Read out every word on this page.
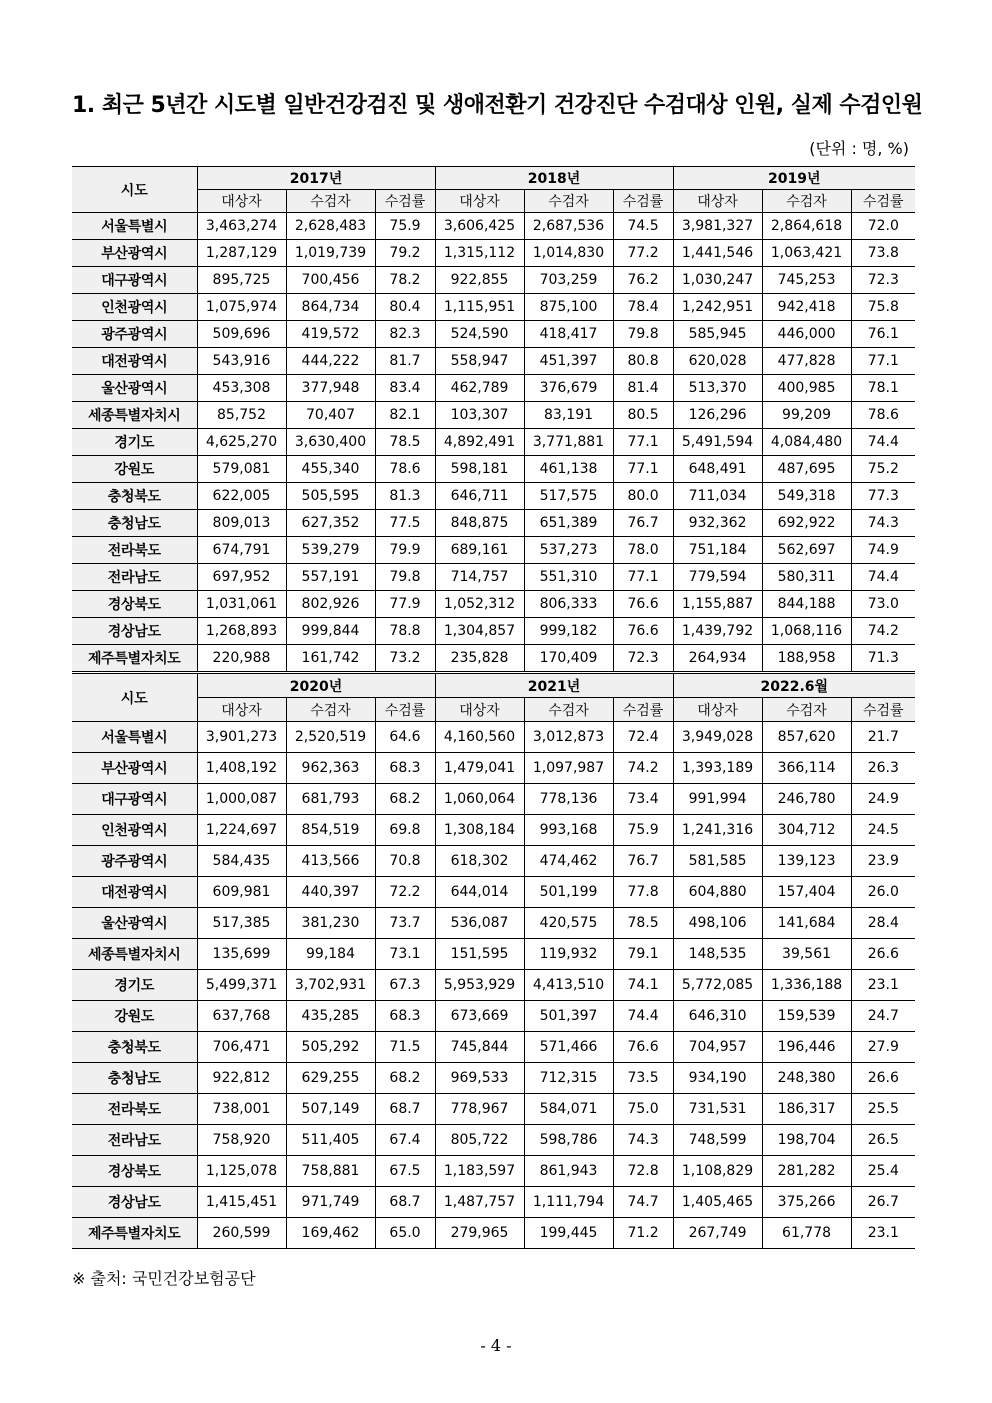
1. 최근 5년간 시도별 일반건강검진 및 생애전환기 건강진단 수검대상 인원, 실제 수검인원
(단위 : 명, %)
시도	2017년			2018년			2019년		
	대상자	수검자	수검률	대상자	수검자	수검률	대상자	수검자	수검률
서울특별시	3,463,274	2,628,483	75.9	3,606,425	2,687,536	74.5	3,981,327	2,864,618	72.0
부산광역시	1,287,129	1,019,739	79.2	1,315,112	1,014,830	77.2	1,441,546	1,063,421	73.8
대구광역시	895,725	700,456	78.2	922,855	703,259	76.2	1,030,247	745,253	72.3
인천광역시	1,075,974	864,734	80.4	1,115,951	875,100	78.4	1,242,951	942,418	75.8
광주광역시	509,696	419,572	82.3	524,590	418,417	79.8	585,945	446,000	76.1
대전광역시	543,916	444,222	81.7	558,947	451,397	80.8	620,028	477,828	77.1
울산광역시	453,308	377,948	83.4	462,789	376,679	81.4	513,370	400,985	78.1
세종특별자치시	85,752	70,407	82.1	103,307	83,191	80.5	126,296	99,209	78.6
경기도	4,625,270	3,630,400	78.5	4,892,491	3,771,881	77.1	5,491,594	4,084,480	74.4
강원도	579,081	455,340	78.6	598,181	461,138	77.1	648,491	487,695	75.2
충청북도	622,005	505,595	81.3	646,711	517,575	80.0	711,034	549,318	77.3
충청남도	809,013	627,352	77.5	848,875	651,389	76.7	932,362	692,922	74.3
전라북도	674,791	539,279	79.9	689,161	537,273	78.0	751,184	562,697	74.9
전라남도	697,952	557,191	79.8	714,757	551,310	77.1	779,594	580,311	74.4
경상북도	1,031,061	802,926	77.9	1,052,312	806,333	76.6	1,155,887	844,188	73.0
경상남도	1,268,893	999,844	78.8	1,304,857	999,182	76.6	1,439,792	1,068,116	74.2
제주특별자치도	220,988	161,742	73.2	235,828	170,409	72.3	264,934	188,958	71.3
시도	2020년			2021년			2022.6월		
	대상자	수검자	수검률	대상자	수검자	수검률	대상자	수검자	수검률
서울특별시	3,901,273	2,520,519	64.6	4,160,560	3,012,873	72.4	3,949,028	857,620	21.7
부산광역시	1,408,192	962,363	68.3	1,479,041	1,097,987	74.2	1,393,189	366,114	26.3
대구광역시	1,000,087	681,793	68.2	1,060,064	778,136	73.4	991,994	246,780	24.9
인천광역시	1,224,697	854,519	69.8	1,308,184	993,168	75.9	1,241,316	304,712	24.5
광주광역시	584,435	413,566	70.8	618,302	474,462	76.7	581,585	139,123	23.9
대전광역시	609,981	440,397	72.2	644,014	501,199	77.8	604,880	157,404	26.0
울산광역시	517,385	381,230	73.7	536,087	420,575	78.5	498,106	141,684	28.4
세종특별자치시	135,699	99,184	73.1	151,595	119,932	79.1	148,535	39,561	26.6
경기도	5,499,371	3,702,931	67.3	5,953,929	4,413,510	74.1	5,772,085	1,336,188	23.1
강원도	637,768	435,285	68.3	673,669	501,397	74.4	646,310	159,539	24.7
충청북도	706,471	505,292	71.5	745,844	571,466	76.6	704,957	196,446	27.9
충청남도	922,812	629,255	68.2	969,533	712,315	73.5	934,190	248,380	26.6
전라북도	738,001	507,149	68.7	778,967	584,071	75.0	731,531	186,317	25.5
전라남도	758,920	511,405	67.4	805,722	598,786	74.3	748,599	198,704	26.5
경상북도	1,125,078	758,881	67.5	1,183,597	861,943	72.8	1,108,829	281,282	25.4
경상남도	1,415,451	971,749	68.7	1,487,757	1,111,794	74.7	1,405,465	375,266	26.7
제주특별자치도	260,599	169,462	65.0	279,965	199,445	71.2	267,749	61,778	23.1
※ 출처: 국민건강보험공단
- 4 -
